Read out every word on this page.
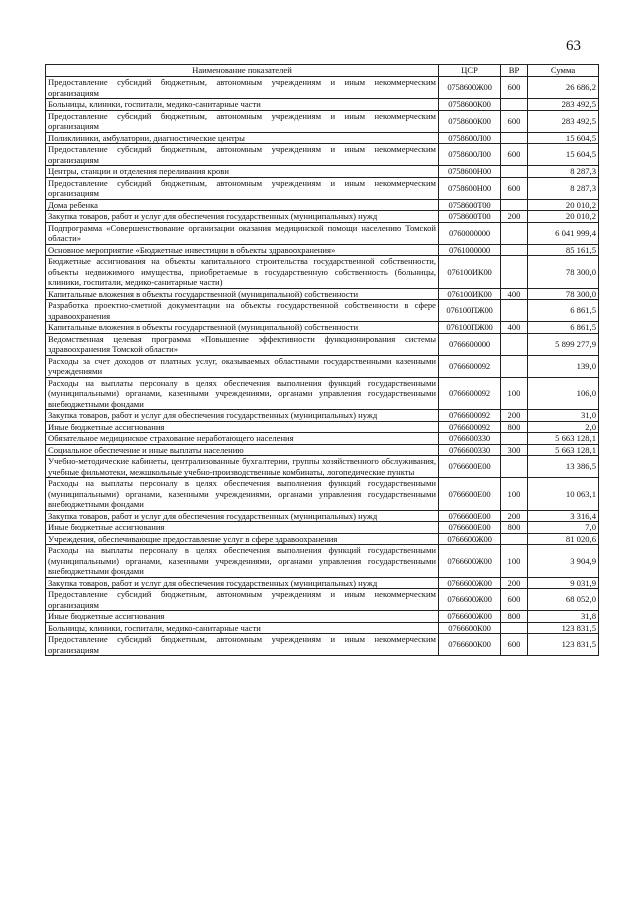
63
Наименование показателей	ЦСР	ВР	Сумма
Предоставление субсидий бюджетным, автономным учреждениям и иным некоммерческим организациям	0758600Ж00	600	26 686,2
Больницы, клиники, госпитали, медико-санитарные части	0758600К00		283 492,5
Предоставление субсидий бюджетным, автономным учреждениям и иным некоммерческим организациям	0758600К00	600	283 492,5
Поликлиники, амбулатории, диагностические центры	0758600Л00		15 604,5
Предоставление субсидий бюджетным, автономным учреждениям и иным некоммерческим организациям	0758600Л00	600	15 604,5
Центры, станции и отделения переливания крови	0758600Н00		8 287,3
Предоставление субсидий бюджетным, автономным учреждениям и иным некоммерческим организациям	0758600Н00	600	8 287,3
Дома ребенка	0758600Т00		20 010,2
Закупка товаров, работ и услуг для обеспечения государственных (муниципальных) нужд	0758600Т00	200	20 010,2
Подпрограмма «Совершенствование организации оказания медицинской помощи населению Томской области»	0760000000		6 041 999,4
Основное мероприятие «Бюджетные инвестиции в объекты здравоохранения»	0761000000		85 161,5
Бюджетные ассигнования на объекты капитального строительства государственной собственности, объекты недвижимого имущества, приобретаемые в государственную собственность (больницы, клиники, госпитали, медико-санитарные части)	076100ИК00		78 300,0
Капитальные вложения в объекты государственной (муниципальной) собственности	076100ИК00	400	78 300,0
Разработка проектно-сметной документации на объекты государственной собственности в сфере здравоохранения	076100ПЖ00		6 861,5
Капитальные вложения в объекты государственной (муниципальной) собственности	076100ПЖ00	400	6 861,5
Ведомственная целевая программа «Повышение эффективности функционирования системы здравоохранения Томской области»	0766600000		5 899 277,9
Расходы за счет доходов от платных услуг, оказываемых областными государственными казенными учреждениями	0766600092		139,0
Расходы на выплаты персоналу в целях обеспечения выполнения функций государственными (муниципальными) органами, казенными учреждениями, органами управления государственными внебюджетными фондами	0766600092	100	106,0
Закупка товаров, работ и услуг для обеспечения государственных (муниципальных) нужд	0766600092	200	31,0
Иные бюджетные ассигнования	0766600092	800	2,0
Обязательное медицинское страхование неработающего населения	0766600330		5 663 128,1
Социальное обеспечение и иные выплаты населению	0766600330	300	5 663 128,1
Учебно-методические кабинеты, централизованные бухгалтерии, группы хозяйственного обслуживания, учебные фильмотеки, межшкольные учебно-производственные комбинаты, логопедические пункты	0766600Е00		13 386,5
Расходы на выплаты персоналу в целях обеспечения выполнения функций государственными (муниципальными) органами, казенными учреждениями, органами управления государственными внебюджетными фондами	0766600Е00	100	10 063,1
Закупка товаров, работ и услуг для обеспечения государственных (муниципальных) нужд	0766600Е00	200	3 316,4
Иные бюджетные ассигнования	0766600Е00	800	7,0
Учреждения, обеспечивающие предоставление услуг в сфере здравоохранения	0766600Ж00		81 020,6
Расходы на выплаты персоналу в целях обеспечения выполнения функций государственными (муниципальными) органами, казенными учреждениями, органами управления государственными внебюджетными фондами	0766600Ж00	100	3 904,9
Закупка товаров, работ и услуг для обеспечения государственных (муниципальных) нужд	0766600Ж00	200	9 031,9
Предоставление субсидий бюджетным, автономным учреждениям и иным некоммерческим организациям	0766600Ж00	600	68 052,0
Иные бюджетные ассигнования	0766600Ж00	800	31,8
Больницы, клиники, госпитали, медико-санитарные части	0766600К00		123 831,5
Предоставление субсидий бюджетным, автономным учреждениям и иным некоммерческим организациям	0766600К00	600	123 831,5
